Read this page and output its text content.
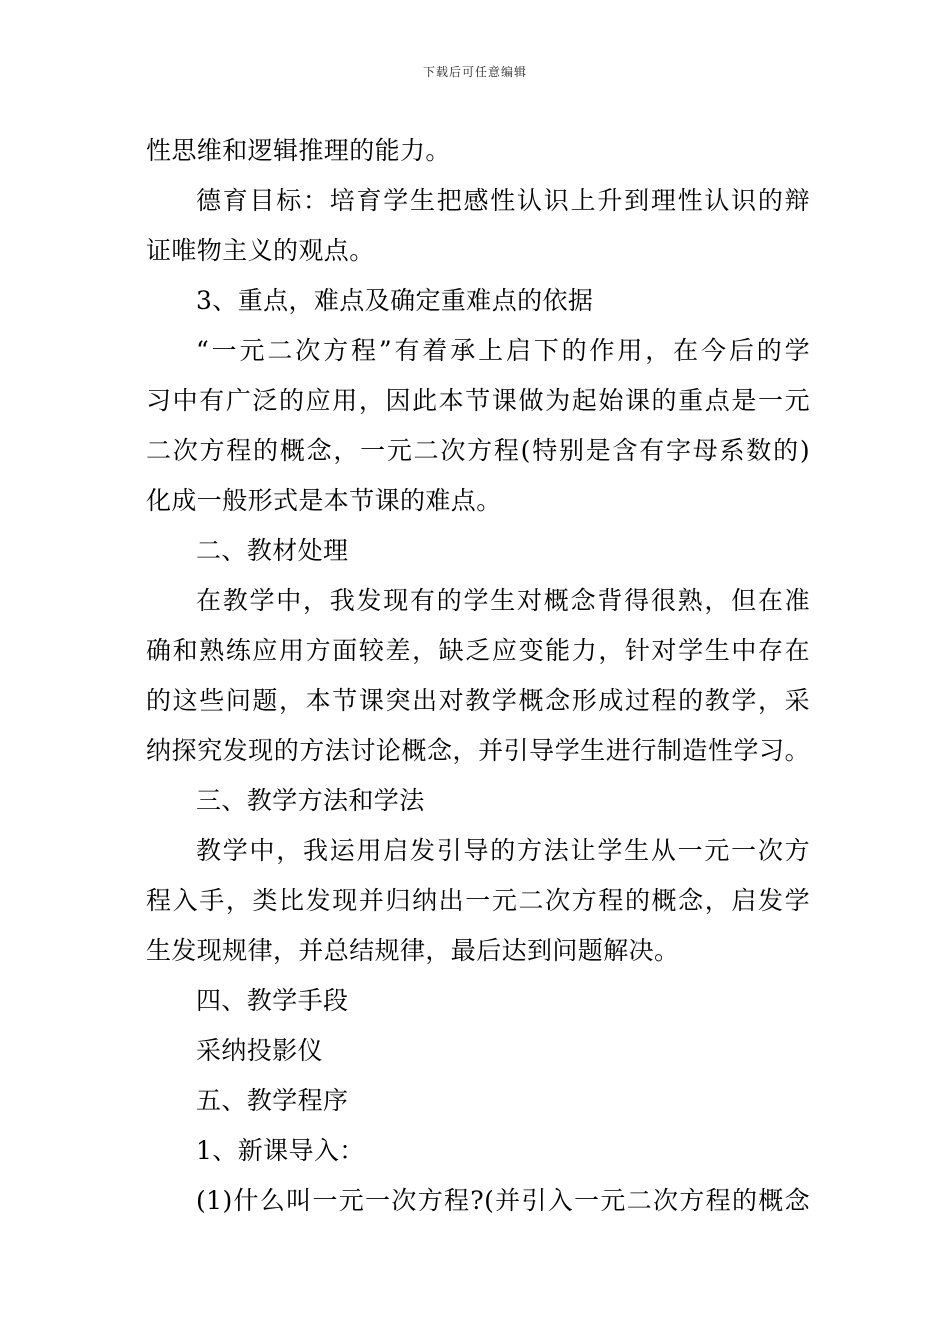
下载后可任意编辑
性思维和逻辑推理的能力。
德育目标：培育学生把感性认识上升到理性认识的辩
证唯物主义的观点。
3、重点，难点及确定重难点的依据
“一元二次方程”有着承上启下的作用，在今后的学
习中有广泛的应用，因此本节课做为起始课的重点是一元
二次方程的概念，一元二次方程(特别是含有字母系数的)
化成一般形式是本节课的难点。
二、教材处理
在教学中，我发现有的学生对概念背得很熟，但在准
确和熟练应用方面较差，缺乏应变能力，针对学生中存在
的这些问题，本节课突出对教学概念形成过程的教学，采
纳探究发现的方法讨论概念，并引导学生进行制造性学习。
三、教学方法和学法
教学中，我运用启发引导的方法让学生从一元一次方
程入手，类比发现并归纳出一元二次方程的概念，启发学
生发现规律，并总结规律，最后达到问题解决。
四、教学手段
采纳投影仪
五、教学程序
1、新课导入：
(1)什么叫一元一次方程?(并引入一元二次方程的概念
